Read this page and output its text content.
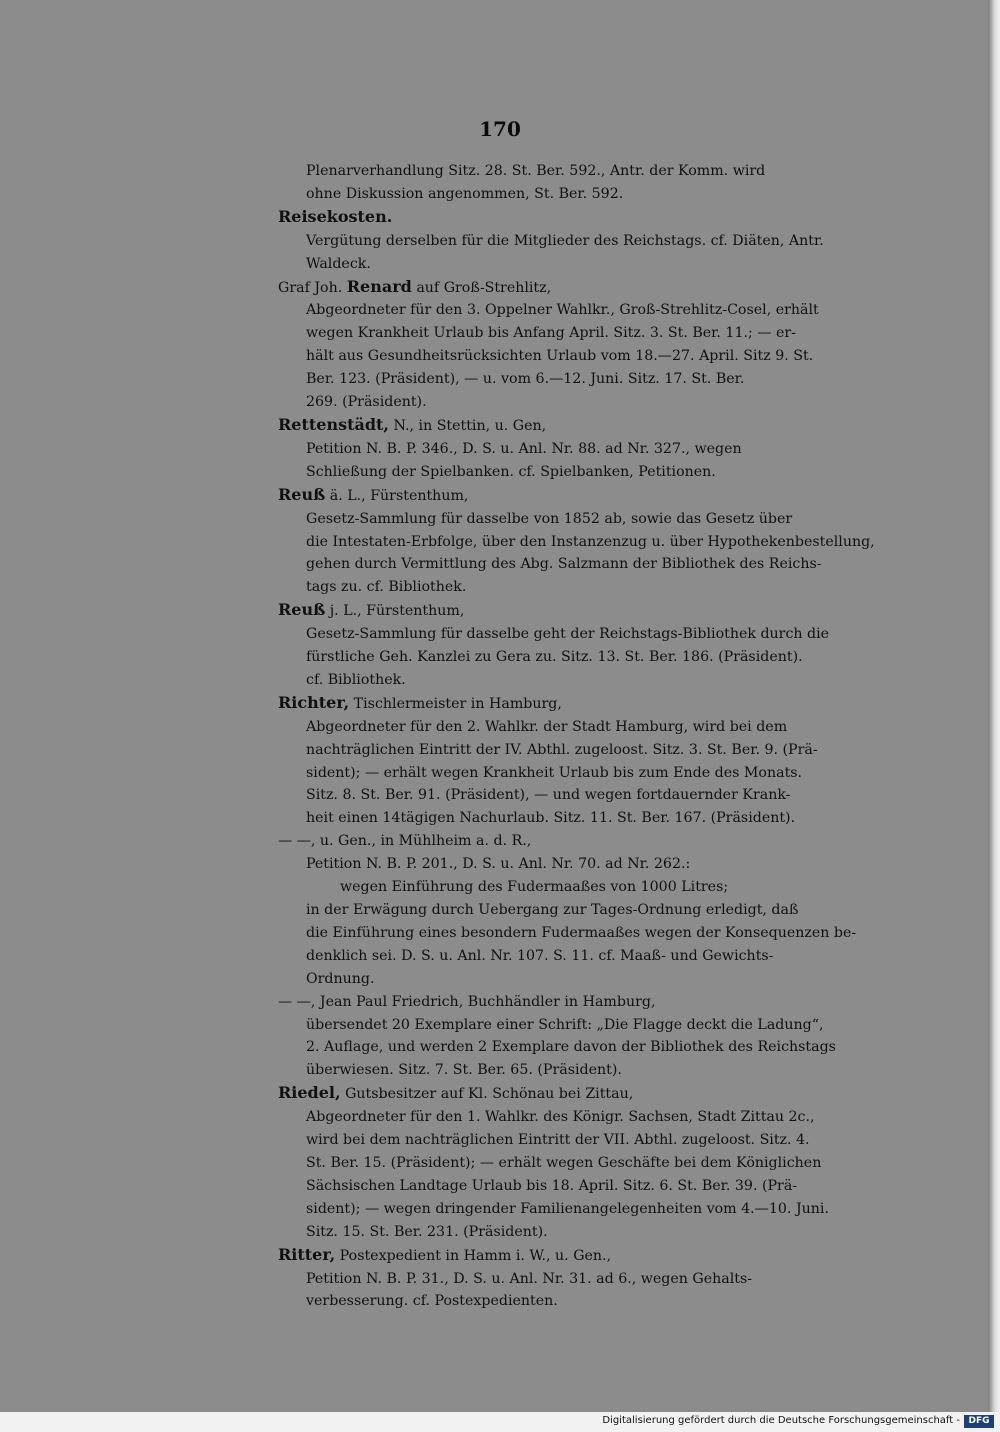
170
Plenarverhandlung Sitz. 28. St. Ber. 592., Antr. der Komm. wird
ohne Diskussion angenommen, St. Ber. 592.
Reisekosten.
Vergütung derselben für die Mitglieder des Reichstags. cf. Diäten, Antr.
Waldeck.
Graf Joh. Renard auf Groß-Strehlitz,
Abgeordneter für den 3. Oppelner Wahlkr., Groß-Strehlitz-Cosel, erhält
wegen Krankheit Urlaub bis Anfang April. Sitz. 3. St. Ber. 11.; — er-
hält aus Gesundheitsrücksichten Urlaub vom 18.—27. April. Sitz 9. St.
Ber. 123. (Präsident), — u. vom 6.—12. Juni. Sitz. 17. St. Ber.
269. (Präsident).
Rettenstädt, N., in Stettin, u. Gen,
Petition N. B. P. 346., D. S. u. Anl. Nr. 88. ad Nr. 327., wegen
Schließung der Spielbanken. cf. Spielbanken, Petitionen.
Reuß ä. L., Fürstenthum,
Gesetz-Sammlung für dasselbe von 1852 ab, sowie das Gesetz über
die Intestaten-Erbfolge, über den Instanzenzug u. über Hypothekenbestellung,
gehen durch Vermittlung des Abg. Salzmann der Bibliothek des Reichs-
tags zu. cf. Bibliothek.
Reuß j. L., Fürstenthum,
Gesetz-Sammlung für dasselbe geht der Reichstags-Bibliothek durch die
fürstliche Geh. Kanzlei zu Gera zu. Sitz. 13. St. Ber. 186. (Präsident).
cf. Bibliothek.
Richter, Tischlermeister in Hamburg,
Abgeordneter für den 2. Wahlkr. der Stadt Hamburg, wird bei dem
nachträglichen Eintritt der IV. Abthl. zugeloost. Sitz. 3. St. Ber. 9. (Prä-
sident); — erhält wegen Krankheit Urlaub bis zum Ende des Monats.
Sitz. 8. St. Ber. 91. (Präsident), — und wegen fortdauernder Krank-
heit einen 14tägigen Nachurlaub. Sitz. 11. St. Ber. 167. (Präsident).
— —, u. Gen., in Mühlheim a. d. R.,
Petition N. B. P. 201., D. S. u. Anl. Nr. 70. ad Nr. 262.:
wegen Einführung des Fudermaaßes von 1000 Litres;
in der Erwägung durch Uebergang zur Tages-Ordnung erledigt, daß
die Einführung eines besondern Fudermaaßes wegen der Konsequenzen be-
denklich sei. D. S. u. Anl. Nr. 107. S. 11. cf. Maaß- und Gewichts-
Ordnung.
— —, Jean Paul Friedrich, Buchhändler in Hamburg,
übersendet 20 Exemplare einer Schrift: „Die Flagge deckt die Ladung“,
2. Auflage, und werden 2 Exemplare davon der Bibliothek des Reichstags
überwiesen. Sitz. 7. St. Ber. 65. (Präsident).
Riedel, Gutsbesitzer auf Kl. Schönau bei Zittau,
Abgeordneter für den 1. Wahlkr. des Königr. Sachsen, Stadt Zittau 2c.,
wird bei dem nachträglichen Eintritt der VII. Abthl. zugeloost. Sitz. 4.
St. Ber. 15. (Präsident); — erhält wegen Geschäfte bei dem Königlichen
Sächsischen Landtage Urlaub bis 18. April. Sitz. 6. St. Ber. 39. (Prä-
sident); — wegen dringender Familienangelegenheiten vom 4.—10. Juni.
Sitz. 15. St. Ber. 231. (Präsident).
Ritter, Postexpedient in Hamm i. W., u. Gen.,
Petition N. B. P. 31., D. S. u. Anl. Nr. 31. ad 6., wegen Gehalts-
verbesserung. cf. Postexpedienten.
Digitalisierung gefördert durch die Deutsche Forschungsgemeinschaft - DFG
